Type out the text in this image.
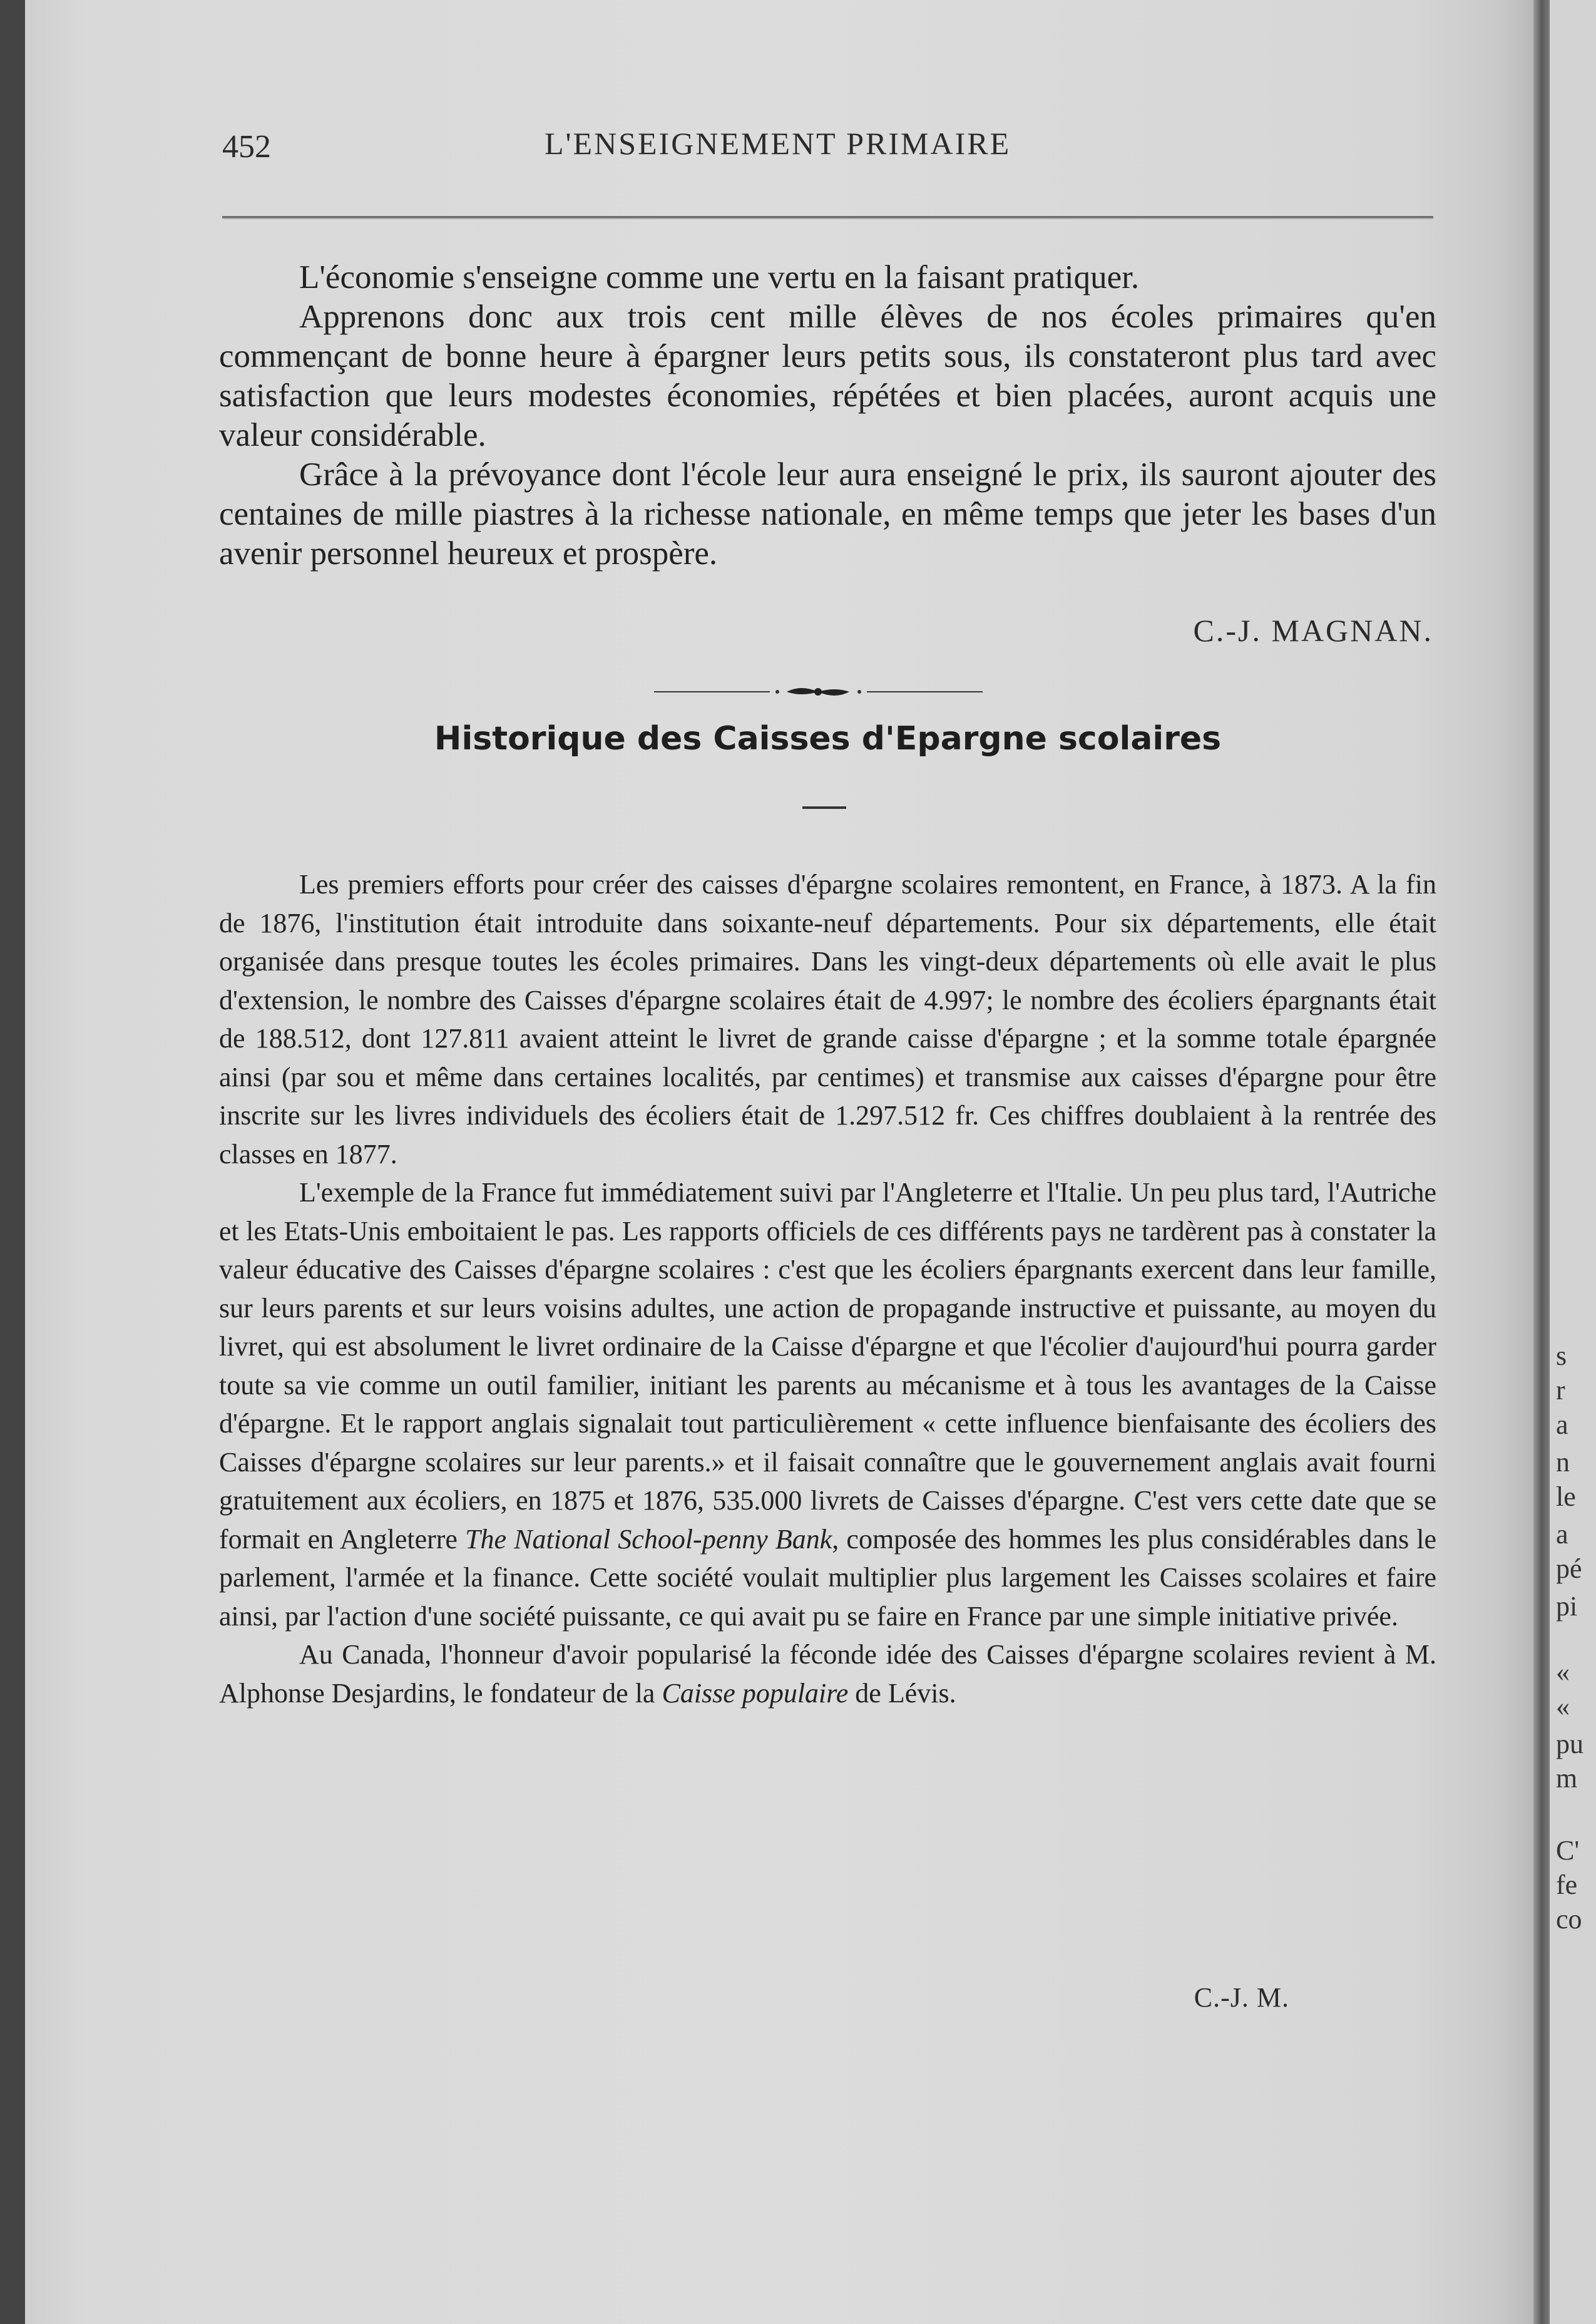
s
r
a
n
le
a
pé
pi
«
«
pu
m
C'
fe
co
452	L'ENSEIGNEMENT PRIMAIRE

L'économie s'enseigne comme une vertu en la faisant pratiquer.

Apprenons donc aux trois cent mille élèves de nos écoles primaires qu'en commençant de bonne heure à épargner leurs petits sous, ils constateront plus tard avec satisfaction que leurs modestes économies, répétées et bien placées, auront acquis une valeur considérable.

Grâce à la prévoyance dont l'école leur aura enseigné le prix, ils sauront ajouter des centaines de mille piastres à la richesse nationale, en même temps que jeter les bases d'un avenir personnel heureux et prospère.

C.-J. MAGNAN.
Historique des Caisses d'Epargne scolaires

Les premiers efforts pour créer des caisses d'épargne scolaires remontent, en France, à 1873. A la fin de 1876, l'institution était introduite dans soixante-neuf départements. Pour six départements, elle était organisée dans presque toutes les écoles primaires. Dans les vingt-deux départements où elle avait le plus d'extension, le nombre des Caisses d'épargne scolaires était de 4.997; le nombre des écoliers épargnants était de 188.512, dont 127.811 avaient atteint le livret de grande caisse d'épargne ; et la somme totale épargnée ainsi (par sou et même dans certaines localités, par centimes) et transmise aux caisses d'épargne pour être inscrite sur les livres individuels des écoliers était de 1.297.512 fr. Ces chiffres doublaient à la rentrée des classes en 1877.

L'exemple de la France fut immédiatement suivi par l'Angleterre et l'Italie. Un peu plus tard, l'Autriche et les Etats-Unis emboitaient le pas. Les rapports officiels de ces différents pays ne tardèrent pas à constater la valeur éducative des Caisses d'épargne scolaires : c'est que les écoliers épargnants exercent dans leur famille, sur leurs parents et sur leurs voisins adultes, une action de propagande instructive et puissante, au moyen du livret, qui est absolument le livret ordinaire de la Caisse d'épargne et que l'écolier d'aujourd'hui pourra garder toute sa vie comme un outil familier, initiant les parents au mécanisme et à tous les avantages de la Caisse d'épargne. Et le rapport anglais signalait tout particulièrement « cette influence bienfaisante des écoliers des Caisses d'épargne scolaires sur leur parents.» et il faisait connaître que le gouvernement anglais avait fourni gratuitement aux écoliers, en 1875 et 1876, 535.000 livrets de Caisses d'épargne. C'est vers cette date que se formait en Angleterre The National School-penny Bank, composée des hommes les plus considérables dans le parlement, l'armée et la finance. Cette société voulait multiplier plus largement les Caisses scolaires et faire ainsi, par l'action d'une société puissante, ce qui avait pu se faire en France par une simple initiative privée.

Au Canada, l'honneur d'avoir popularisé la féconde idée des Caisses d'épargne scolaires revient à M. Alphonse Desjardins, le fondateur de la Caisse populaire de Lévis.

C.-J. M.
